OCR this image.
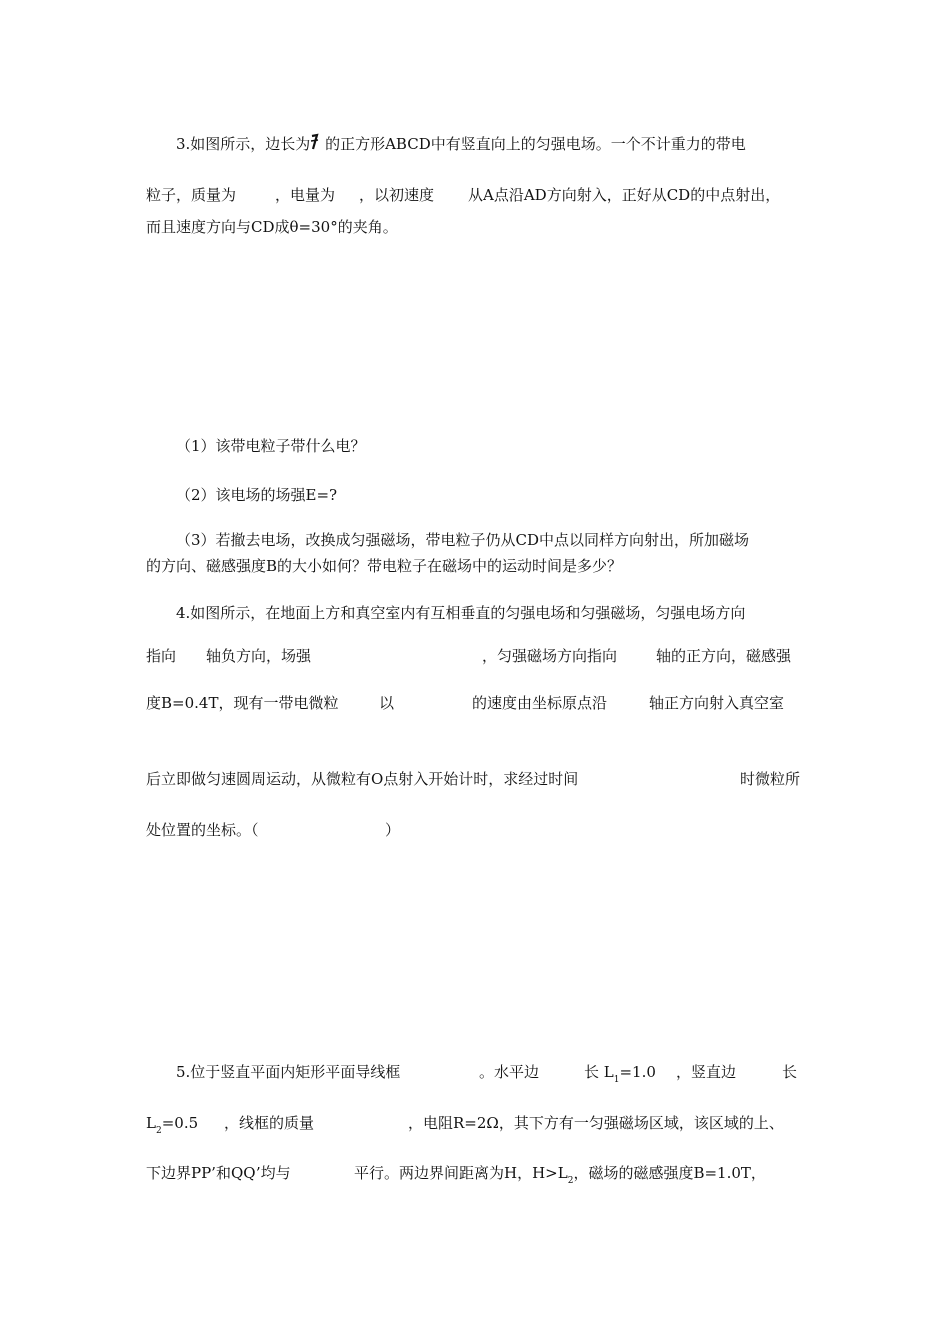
3.如图所示，边长为 的正方形ABCD中有竖直向上的匀强电场。一个不计重力的带电
粒子，质量为	，电量为 ，以初速度 从A点沿AD方向射入，正好从CD的中点射出，
而且速度方向与CD成θ=30°的夹角。
（1）该带电粒子带什么电？
（2）该电场的场强E=?
（3）若撤去电场，改换成匀强磁场，带电粒子仍从CD中点以同样方向射出，所加磁场
的方向、磁感强度B的大小如何？带电粒子在磁场中的运动时间是多少？
4.如图所示，在地面上方和真空室内有互相垂直的匀强电场和匀强磁场，匀强电场方向
指向 轴负方向，场强	，匀强磁场方向指向	轴的正方向，磁感强
度B=0.4T，现有一带电微粒	以	的速度由坐标原点沿	轴正方向射入真空室
后立即做匀速圆周运动，从微粒有O点射入开始计时，求经过时间	时微粒所
处位置的坐标。（	）
5.位于竖直平面内矩形平面导线框	。水平边	长 $L_1=1.0$ ，竖直边	长
$L_2=0.5$ ，线框的质量	，电阻R=2Ω，其下方有一匀强磁场区域，该区域的上、
下边界PP’和QQ’均与	平行。两边界间距离为H，$H>L_2$，磁场的磁感强度B=1.0T，
